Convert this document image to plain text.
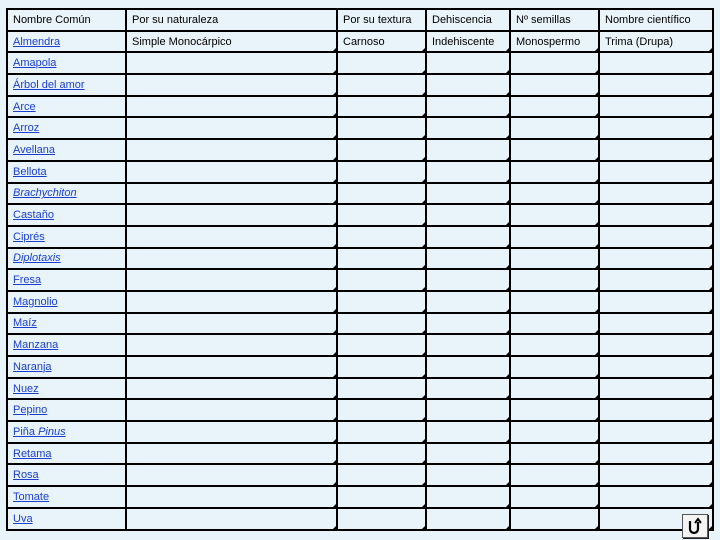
Nombre Común	Por su naturaleza	Por su textura	Dehiscencia	Nº semillas	Nombre científico
Almendra	Simple Monocárpico	Carnoso	Indehiscente	Monospermo	Trima (Drupa)

Amapola	

Árbol del amor	

Arce	

Arroz	

Avellana	

Bellota	

Brachychiton	

Castaño	

Ciprés	

Diplotaxis	

Fresa	

Magnolio	

Maíz	

Manzana	

Naranja	

Nuez	

Pepino	

Piña Pinus	

Retama	

Rosa	

Tomate	

Uva	
